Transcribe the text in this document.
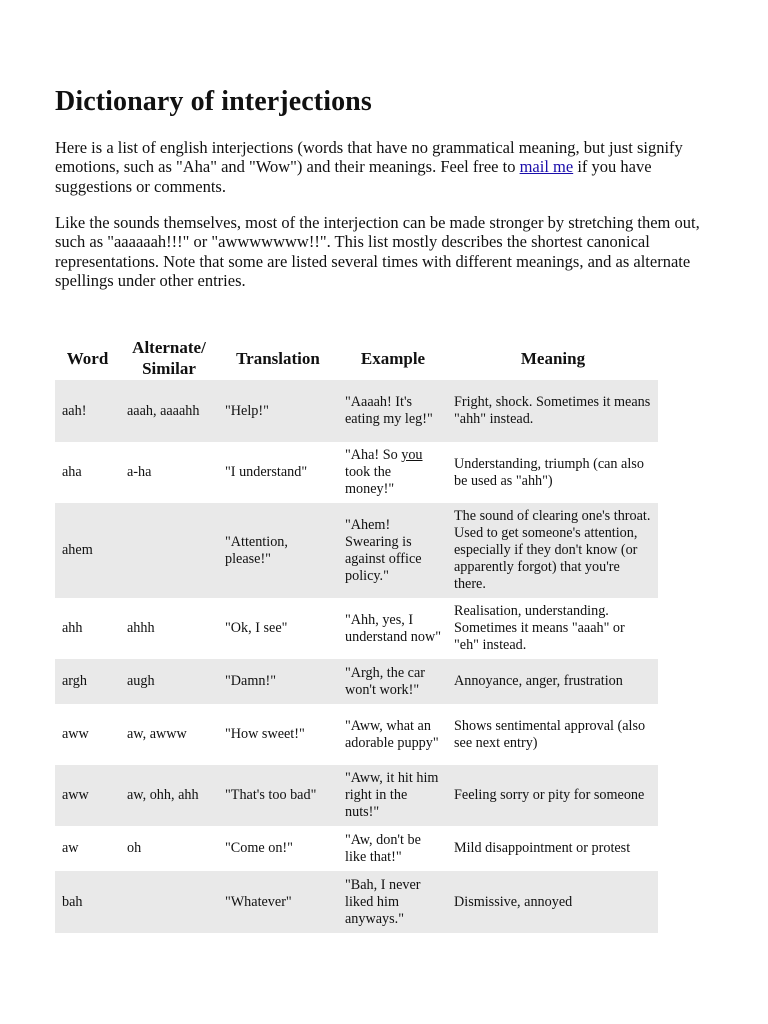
Dictionary of interjections

Here is a list of english interjections (words that have no grammatical meaning, but just signify emotions, such as "Aha" and "Wow") and their meanings. Feel free to mail me if you have suggestions or comments.

Like the sounds themselves, most of the interjection can be made stronger by stretching them out, such as "aaaaaah!!!" or "awwwwwww!!". This list mostly describes the shortest canonical representations. Note that some are listed several times with different meanings, and as alternate spellings under other entries.

Word	Alternate/ Similar	Translation	Example	Meaning
aah!	aaah, aaaahh	"Help!"	"Aaaah! It's eating my leg!"	Fright, shock. Sometimes it means "ahh" instead.
aha	a-ha	"I understand"	"Aha! So you took the money!"	Understanding, triumph (can also be used as "ahh")
ahem		"Attention, please!"	"Ahem! Swearing is against office policy."	The sound of clearing one's throat. Used to get someone's attention, especially if they don't know (or apparently forgot) that you're there.
ahh	ahhh	"Ok, I see"	"Ahh, yes, I understand now"	Realisation, understanding. Sometimes it means "aaah" or "eh" instead.
argh	augh	"Damn!"	"Argh, the car won't work!"	Annoyance, anger, frustration
aww	aw, awww	"How sweet!"	"Aww, what an adorable puppy"	Shows sentimental approval (also see next entry)
aww	aw, ohh, ahh	"That's too bad"	"Aww, it hit him right in the nuts!"	Feeling sorry or pity for someone
aw	oh	"Come on!"	"Aw, don't be like that!"	Mild disappointment or protest
bah		"Whatever"	"Bah, I never liked him anyways."	Dismissive, annoyed
